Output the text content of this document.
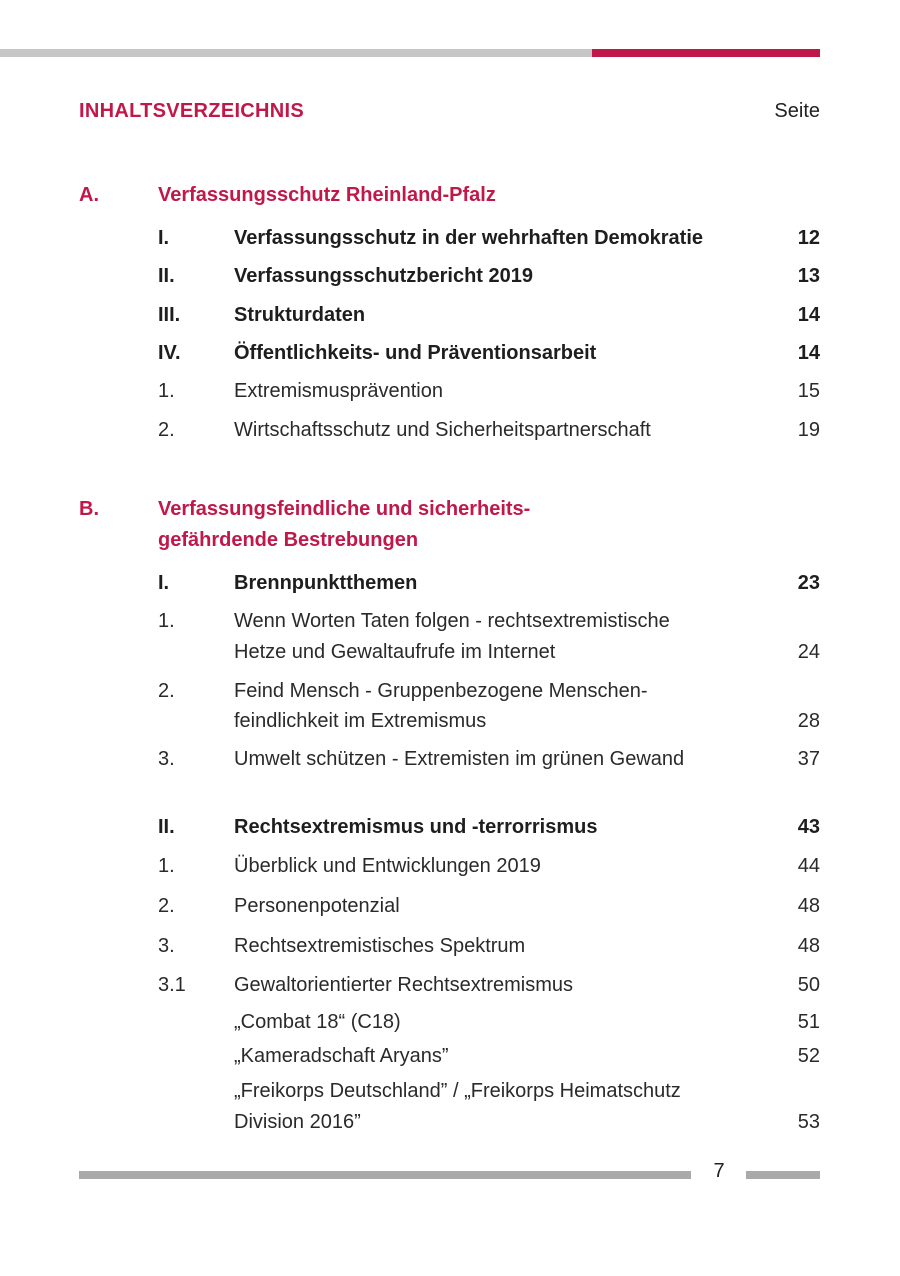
INHALTSVERZEICHNIS	Seite
A.	Verfassungsschutz Rheinland-Pfalz
I.	Verfassungsschutz in der wehrhaften Demokratie	12
II.	Verfassungsschutzbericht 2019	13
III.	Strukturdaten	14
IV.	Öffentlichkeits- und Präventionsarbeit	14
1.	Extremismusprävention	15
2.	Wirtschaftsschutz und Sicherheitspartnerschaft	19
B.	Verfassungsfeindliche und sicherheits-
gefährdende Bestrebungen
I.	Brennpunktthemen	23
1.	Wenn Worten Taten folgen - rechtsextremistische
Hetze und Gewaltaufrufe im Internet	24
2.	Feind Mensch - Gruppenbezogene Menschen-
feindlichkeit im Extremismus	28
3.	Umwelt schützen - Extremisten im grünen Gewand	37
II.	Rechtsextremismus und -terrorrismus	43
1.	Überblick und Entwicklungen 2019	44
2.	Personenpotenzial	48
3.	Rechtsextremistisches Spektrum	48
3.1 Gewaltorientierter Rechtsextremismus	50
„Combat 18“ (C18)	51
„Kameradschaft Aryans”	52
„Freikorps Deutschland” / „Freikorps Heimatschutz
Division 2016”	53
7
